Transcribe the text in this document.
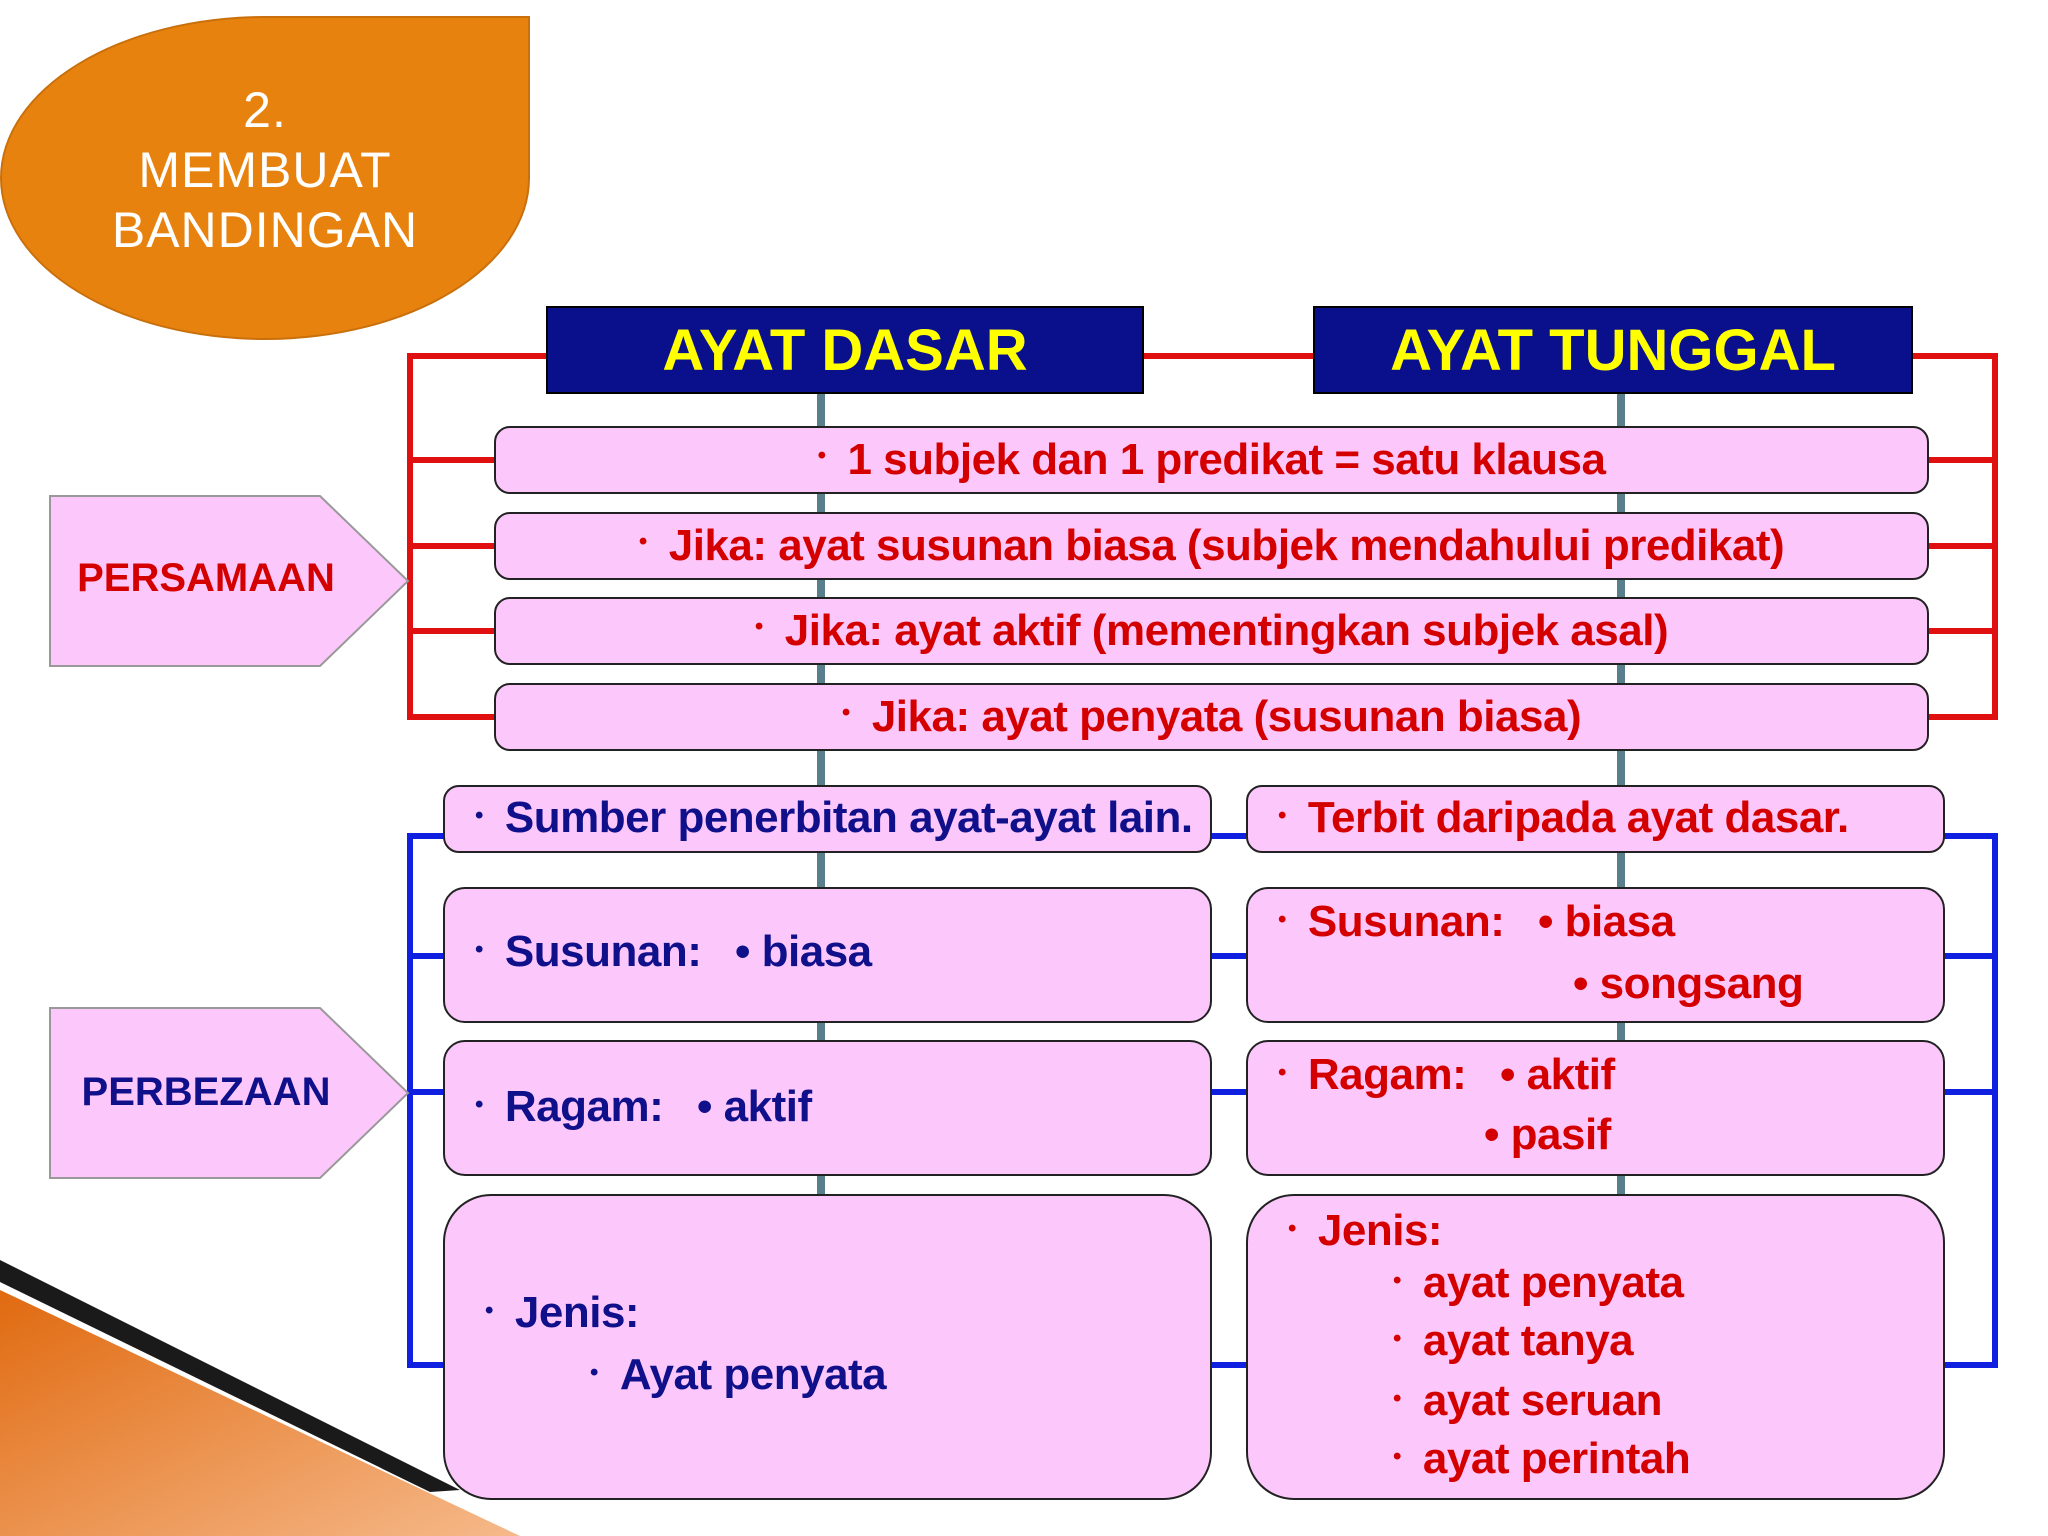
2.
MEMBUAT
BANDINGAN
AYAT DASAR	AYAT TUNGGAL
PERSAMAAN
PERBEZAAN
• 1 subjek dan 1 predikat = satu klausa
• Jika: ayat susunan biasa (subjek mendahului predikat)
• Jika: ayat aktif (mementingkan subjek asal)
• Jika: ayat penyata (susunan biasa)
• Sumber penerbitan ayat-ayat lain.
• Susunan: • biasa
• Ragam: • aktif
• Jenis:
• Ayat penyata
• Terbit daripada ayat dasar.
• Susunan: • biasa
• songsang
• Ragam: • aktif
• pasif
• Jenis:
• ayat penyata
• ayat tanya
• ayat seruan
• ayat perintah
